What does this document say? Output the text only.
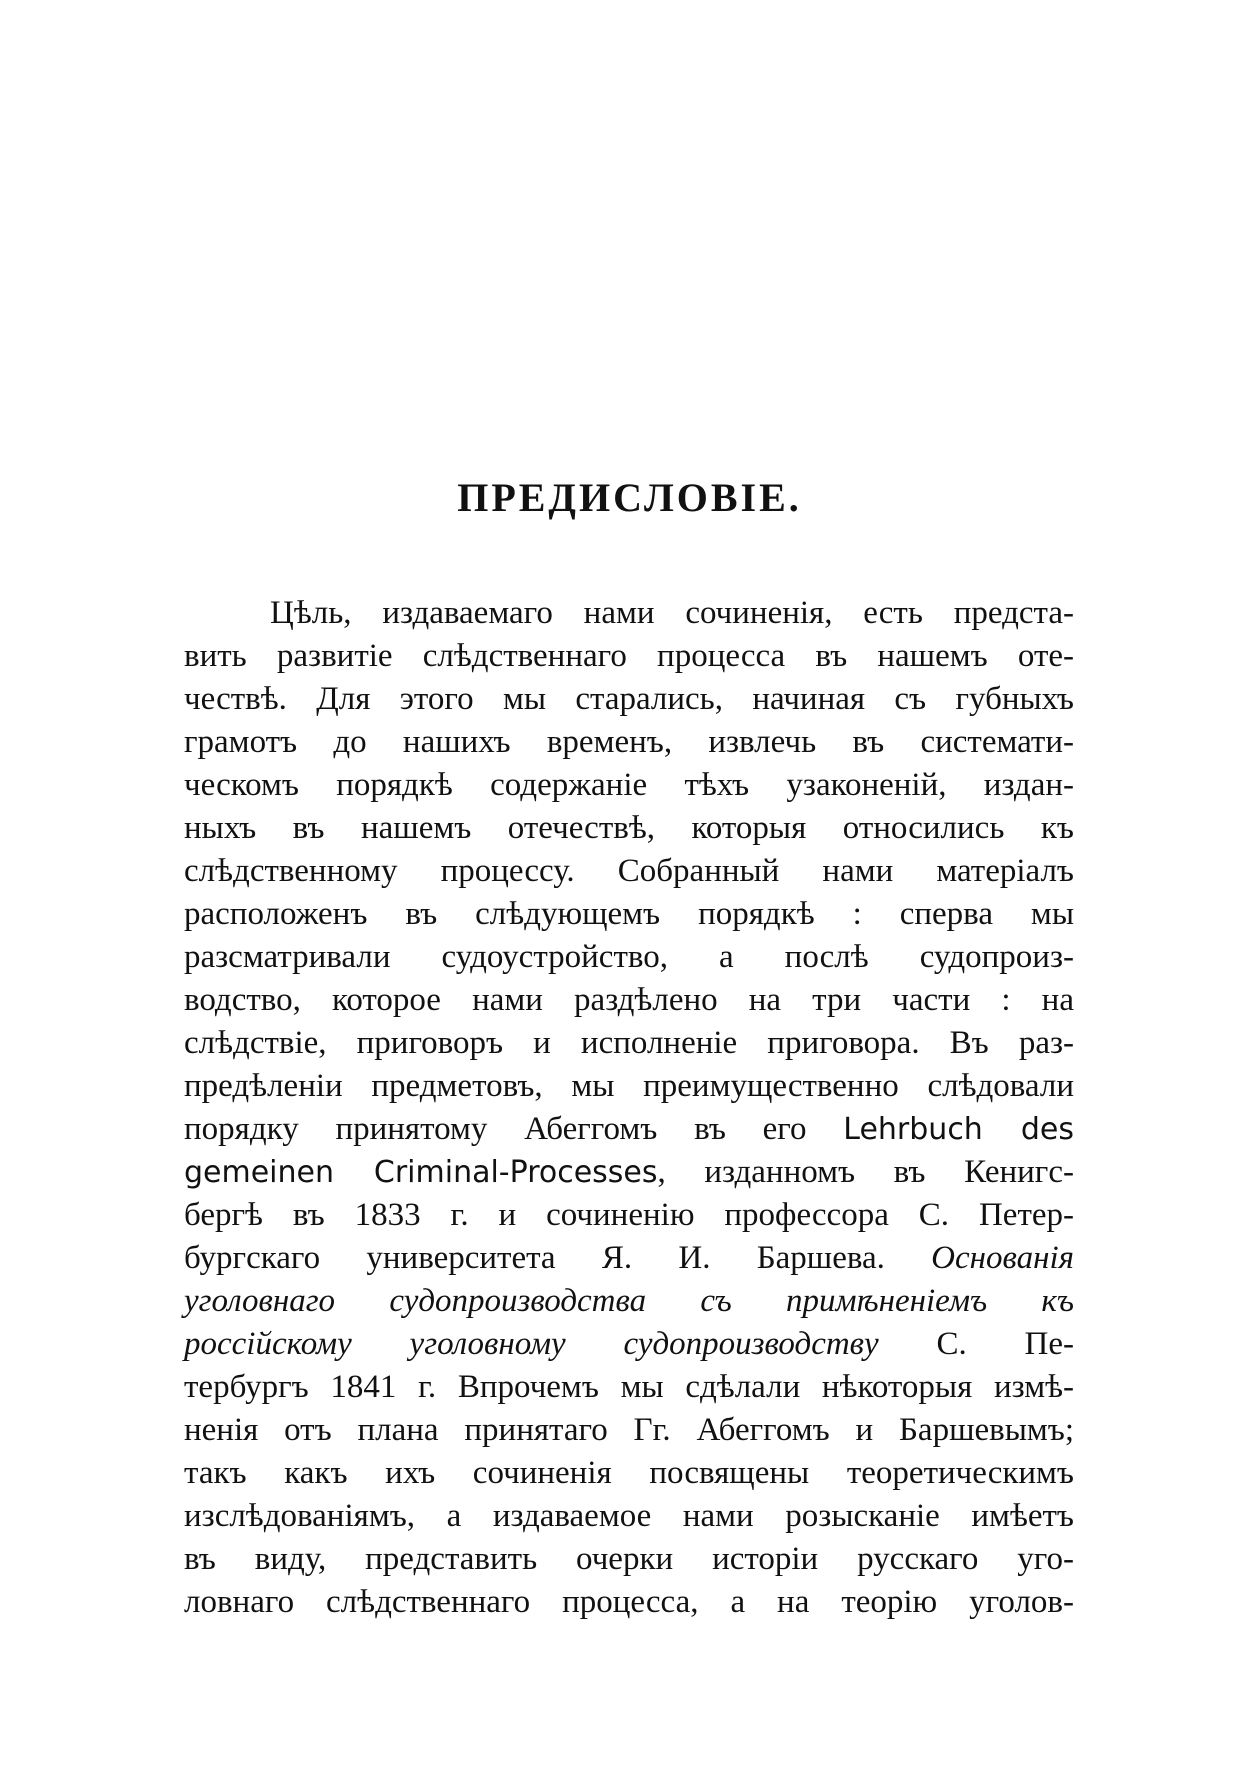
ПРЕДИСЛОВІЕ.
Цѣль, издаваемаго нами сочиненія, есть предста-
вить развитіе слѣдственнаго процесса въ нашемъ оте-
чествѣ. Для этого мы старались, начиная съ губныхъ
грамотъ до нашихъ временъ, извлечь въ системати-
ческомъ порядкѣ содержаніе тѣхъ узаконеній, издан-
ныхъ въ нашемъ отечествѣ, которыя относились къ
слѣдственному процессу. Собранный нами матеріалъ
расположенъ въ слѣдующемъ порядкѣ : сперва мы
разсматривали судоустройство, а послѣ судопроиз-
водство, которое нами раздѣлено на три части : на
слѣдствіе, приговоръ и исполненіе приговора. Въ раз-
предѣленіи предметовъ, мы преимущественно слѣдовали
порядку принятому Абеггомъ въ его Lehrbuch des
gemeinen Criminal-Processes, изданномъ въ Кенигс-
бергѣ въ 1833 г. и сочиненію профессора С. Петер-
бургскаго университета Я. И. Баршева. Основанія
уголовнаго судопроизводства съ примѣненіемъ къ
россійскому уголовному судопроизводству С. Пе-
тербургъ 1841 г. Впрочемъ мы сдѣлали нѣкоторыя измѣ-
ненія отъ плана принятаго Гг. Абеггомъ и Баршевымъ;
такъ какъ ихъ сочиненія посвящены теоретическимъ
изслѣдованіямъ, а издаваемое нами розысканіе имѣетъ
въ виду, представить очерки исторіи русскаго уго-
ловнаго слѣдственнаго процесса, а на теорію уголов-
